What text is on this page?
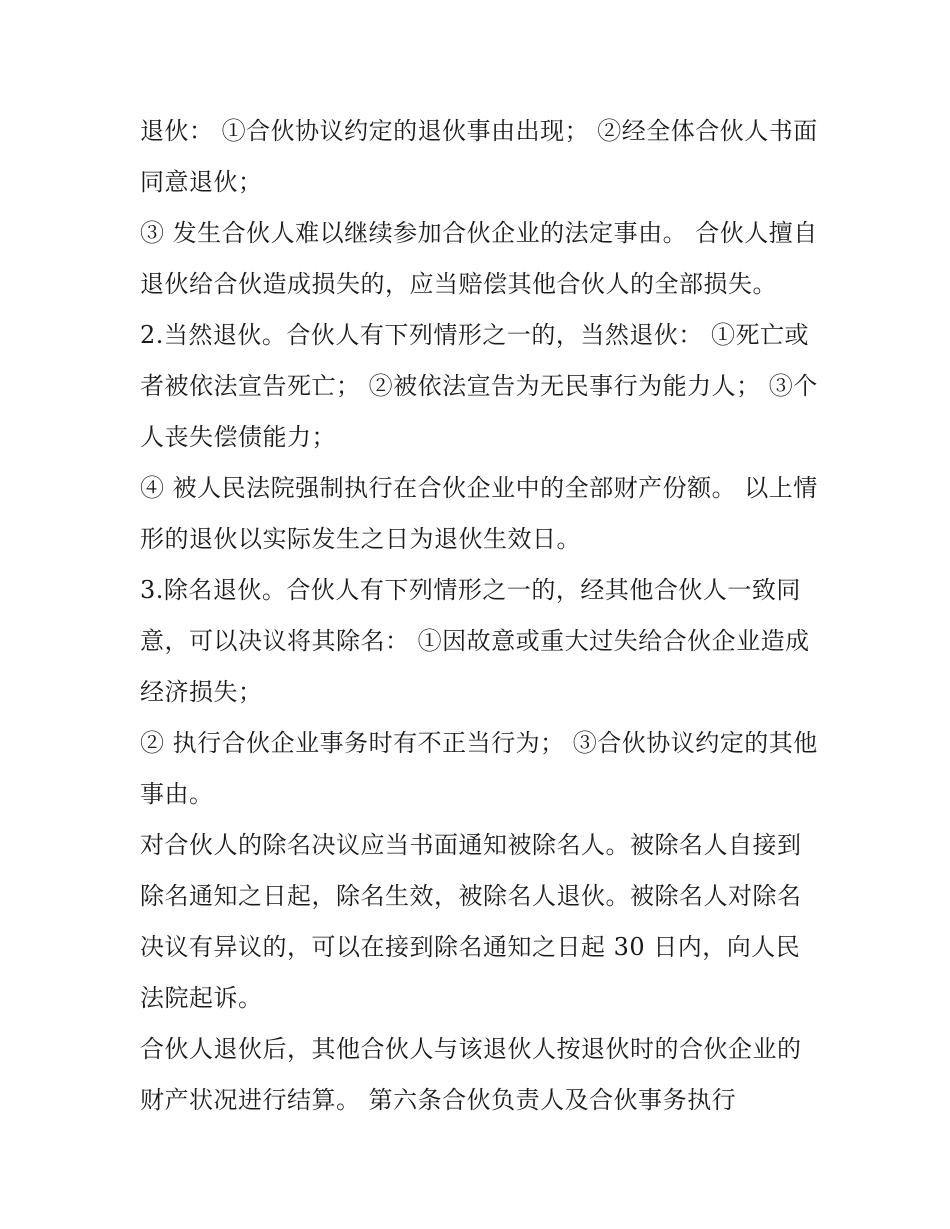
退伙： ①合伙协议约定的退伙事由出现； ②经全体合伙人书面同意退伙；

③ 发生合伙人难以继续参加合伙企业的法定事由。 合伙人擅自退伙给合伙造成损失的，应当赔偿其他合伙人的全部损失。

2.当然退伙。合伙人有下列情形之一的，当然退伙： ①死亡或者被依法宣告死亡； ②被依法宣告为无民事行为能力人； ③个人丧失偿债能力；

④ 被人民法院强制执行在合伙企业中的全部财产份额。 以上情形的退伙以实际发生之日为退伙生效日。

3.除名退伙。合伙人有下列情形之一的，经其他合伙人一致同意，可以决议将其除名： ①因故意或重大过失给合伙企业造成经济损失；

② 执行合伙企业事务时有不正当行为； ③合伙协议约定的其他事由。

对合伙人的除名决议应当书面通知被除名人。被除名人自接到除名通知之日起，除名生效，被除名人退伙。被除名人对除名决议有异议的，可以在接到除名通知之日起 30 日内，向人民法院起诉。

合伙人退伙后，其他合伙人与该退伙人按退伙时的合伙企业的财产状况进行结算。 第六条合伙负责人及合伙事务执行
